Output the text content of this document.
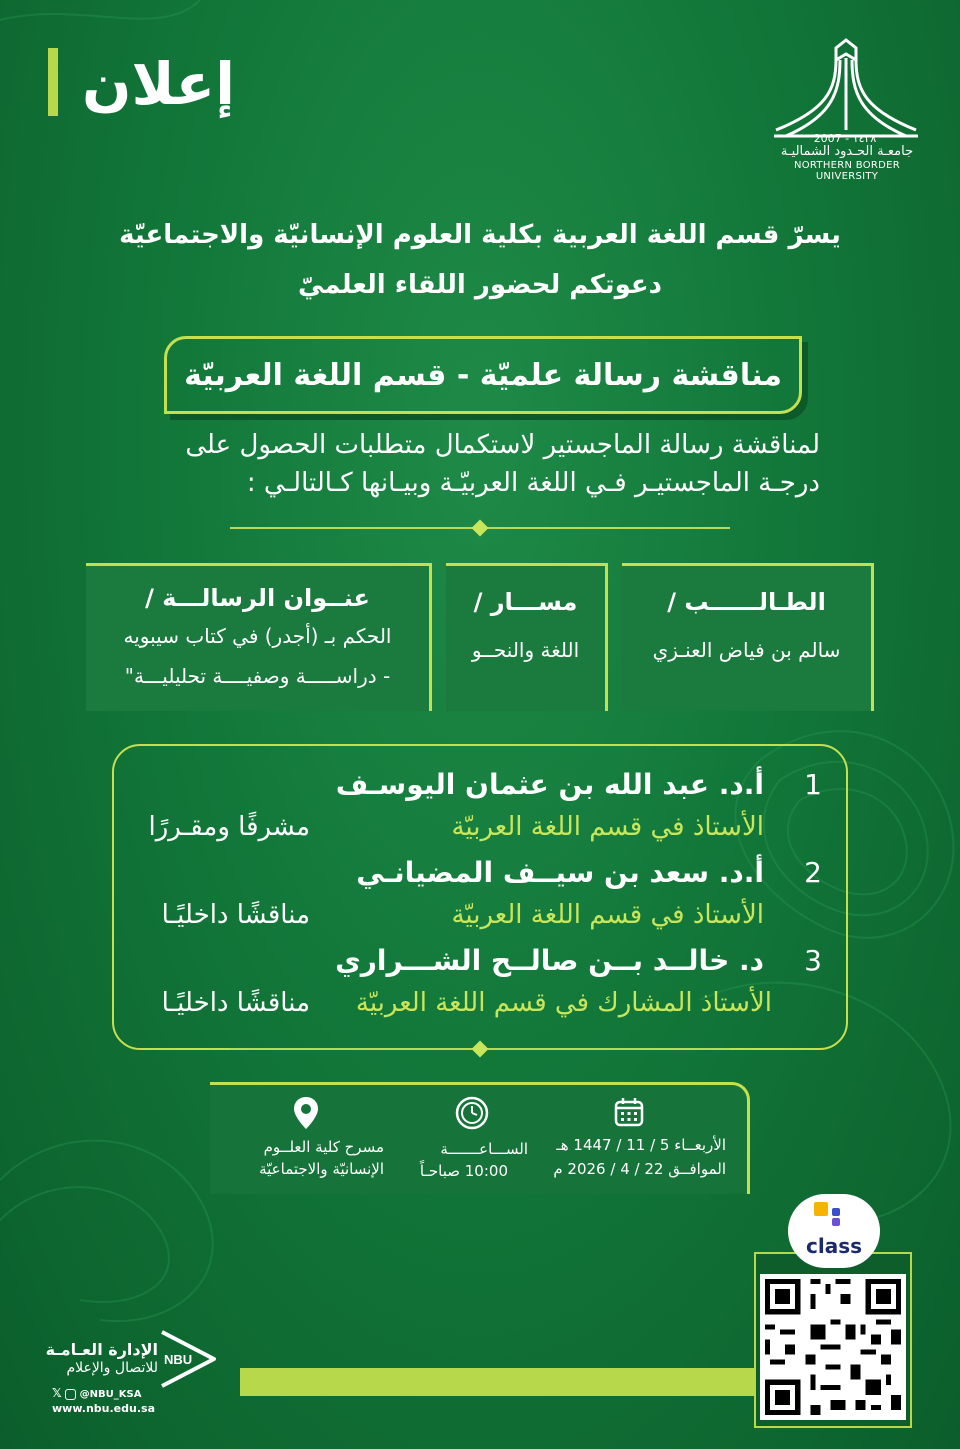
إعلان
2007 - ١٤٢٨
جامعـة الحـدود الشماليـة
NORTHERN BORDER UNIVERSITY
يسرّ قسم اللغة العربية بكلية العلوم الإنسانيّة والاجتماعيّة
دعوتكم لحضور اللقاء العلميّ
مناقشة رسالة علميّة - قسم اللغة العربيّة
لمناقشة رسالة الماجستير لاستكمال متطلبات الحصول على
درجـة الماجستيـر فـي اللغة العربيّـة وبيـانها كـالتالـي :
الطـالــــــب /
سالم بن فياض العنـزي
مســـار /
اللغة والنحــو
عنــوان الرسالـــة /
الحكم بـ (أجدر) في كتاب سيبويه
- دراســـــة وصفيــــة تحليليـــة"
1
أ.د. عبد الله بن عثمان اليوسـف
الأستاذ في قسم اللغة العربيّة
مشرفًا ومقـررًا
2
أ.د. سعد بن سيــف المضيانـي
الأستاذ في قسم اللغة العربيّة
مناقشًا داخليًـا
3
د. خالــد بــن صالــح الشـــراري
الأستاذ المشارك في قسم اللغة العربيّة
مناقشًا داخليًـا
الأربعــاء 5 / 11 / 1447 هـ
الموافــق 22 / 4 / 2026 م
الســـاعـــــــة
10:00 صباحـاً
مسرح كلية العلــوم
الإنسانيّة والاجتماعيّة
class
الإدارة العـامـة
للاتصال والإعلام
NBU
𝕏 @NBU_KSA
www.nbu.edu.sa
